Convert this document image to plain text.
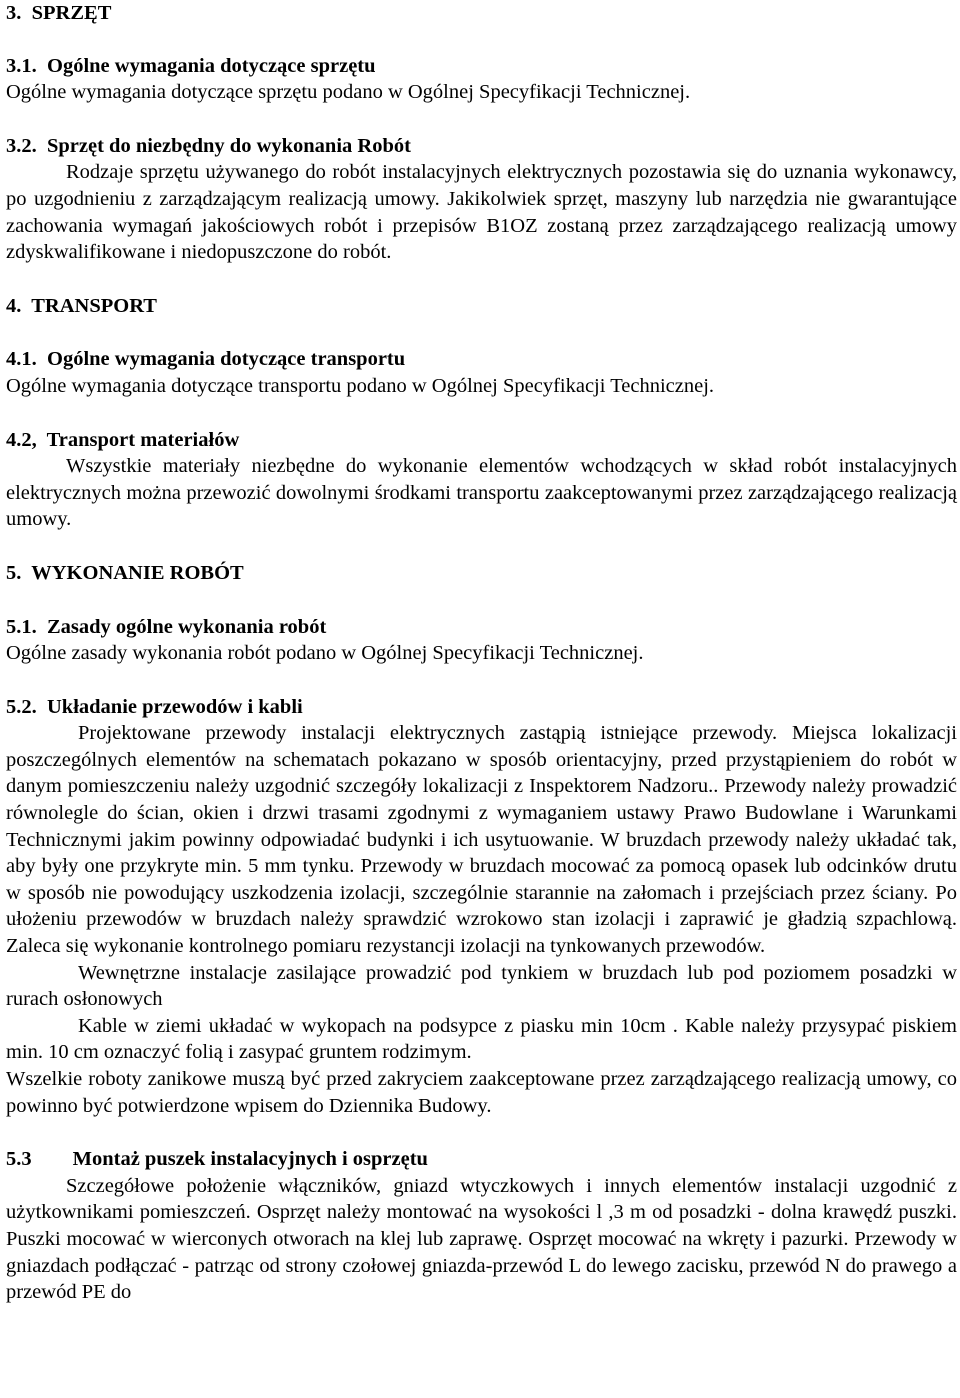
3.  SPRZĘT

3.1.  Ogólne wymagania dotyczące sprzętu

Ogólne wymagania dotyczące sprzętu podano w Ogólnej Specyfikacji Technicznej.

3.2.  Sprzęt do niezbędny do wykonania Robót

Rodzaje sprzętu używanego do robót instalacyjnych elektrycznych pozostawia się do uznania wykonawcy, po uzgodnieniu z zarządzającym realizacją umowy. Jakikolwiek sprzęt, maszyny lub narzędzia nie gwarantujące zachowania wymagań jakościowych robót i przepisów B1OZ zostaną przez zarządzającego realizacją umowy zdyskwalifikowane i niedopuszczone do robót.

4.  TRANSPORT

4.1.  Ogólne wymagania dotyczące transportu

Ogólne wymagania dotyczące transportu podano w Ogólnej Specyfikacji Technicznej.

4.2,  Transport materiałów

Wszystkie materiały niezbędne do wykonanie elementów wchodzących w skład robót instalacyjnych elektrycznych można przewozić dowolnymi środkami transportu zaakceptowanymi przez zarządzającego realizacją umowy.

5.  WYKONANIE ROBÓT

5.1.  Zasady ogólne wykonania robót

Ogólne zasady wykonania robót podano w Ogólnej Specyfikacji Technicznej.

5.2.  Układanie przewodów i kabli

Projektowane przewody instalacji elektrycznych zastąpią istniejące przewody. Miejsca lokalizacji poszczególnych elementów na schematach pokazano w sposób orientacyjny, przed przystąpieniem do robót w danym pomieszczeniu należy uzgodnić szczegóły lokalizacji z Inspektorem Nadzoru.. Przewody należy prowadzić równolegle do ścian, okien i drzwi trasami zgodnymi z wymaganiem ustawy Prawo Budowlane i Warunkami Technicznymi jakim powinny odpowiadać budynki i ich usytuowanie. W bruzdach przewody należy układać tak, aby były one przykryte min. 5 mm tynku. Przewody w bruzdach mocować za pomocą opasek lub odcinków drutu w sposób nie powodujący uszkodzenia izolacji, szczególnie starannie na załomach i przejściach przez ściany. Po ułożeniu przewodów w bruzdach należy sprawdzić wzrokowo stan izolacji i zaprawić je gładzią szpachlową. Zaleca się wykonanie kontrolnego pomiaru rezystancji izolacji na tynkowanych przewodów.

Wewnętrzne instalacje zasilające prowadzić pod tynkiem w bruzdach lub pod poziomem posadzki w rurach osłonowych

Kable w ziemi układać w wykopach na podsypce z piasku min 10cm . Kable należy przysypać piskiem min. 10 cm oznaczyć folią i zasypać gruntem rodzimym.

Wszelkie roboty zanikowe muszą być przed zakryciem zaakceptowane przez zarządzającego realizacją umowy, co powinno być potwierdzone wpisem do Dziennika Budowy.

5.3        Montaż puszek instalacyjnych i osprzętu

Szczegółowe położenie włączników, gniazd wtyczkowych i innych elementów instalacji uzgodnić z użytkownikami pomieszczeń. Osprzęt należy montować na wysokości l ,3 m od posadzki - dolna krawędź puszki. Puszki mocować w wierconych otworach na klej lub zaprawę. Osprzęt mocować na wkręty i pazurki. Przewody w gniazdach podłączać - patrząc od strony czołowej gniazda-przewód L do lewego zacisku, przewód N do prawego a przewód PE do
